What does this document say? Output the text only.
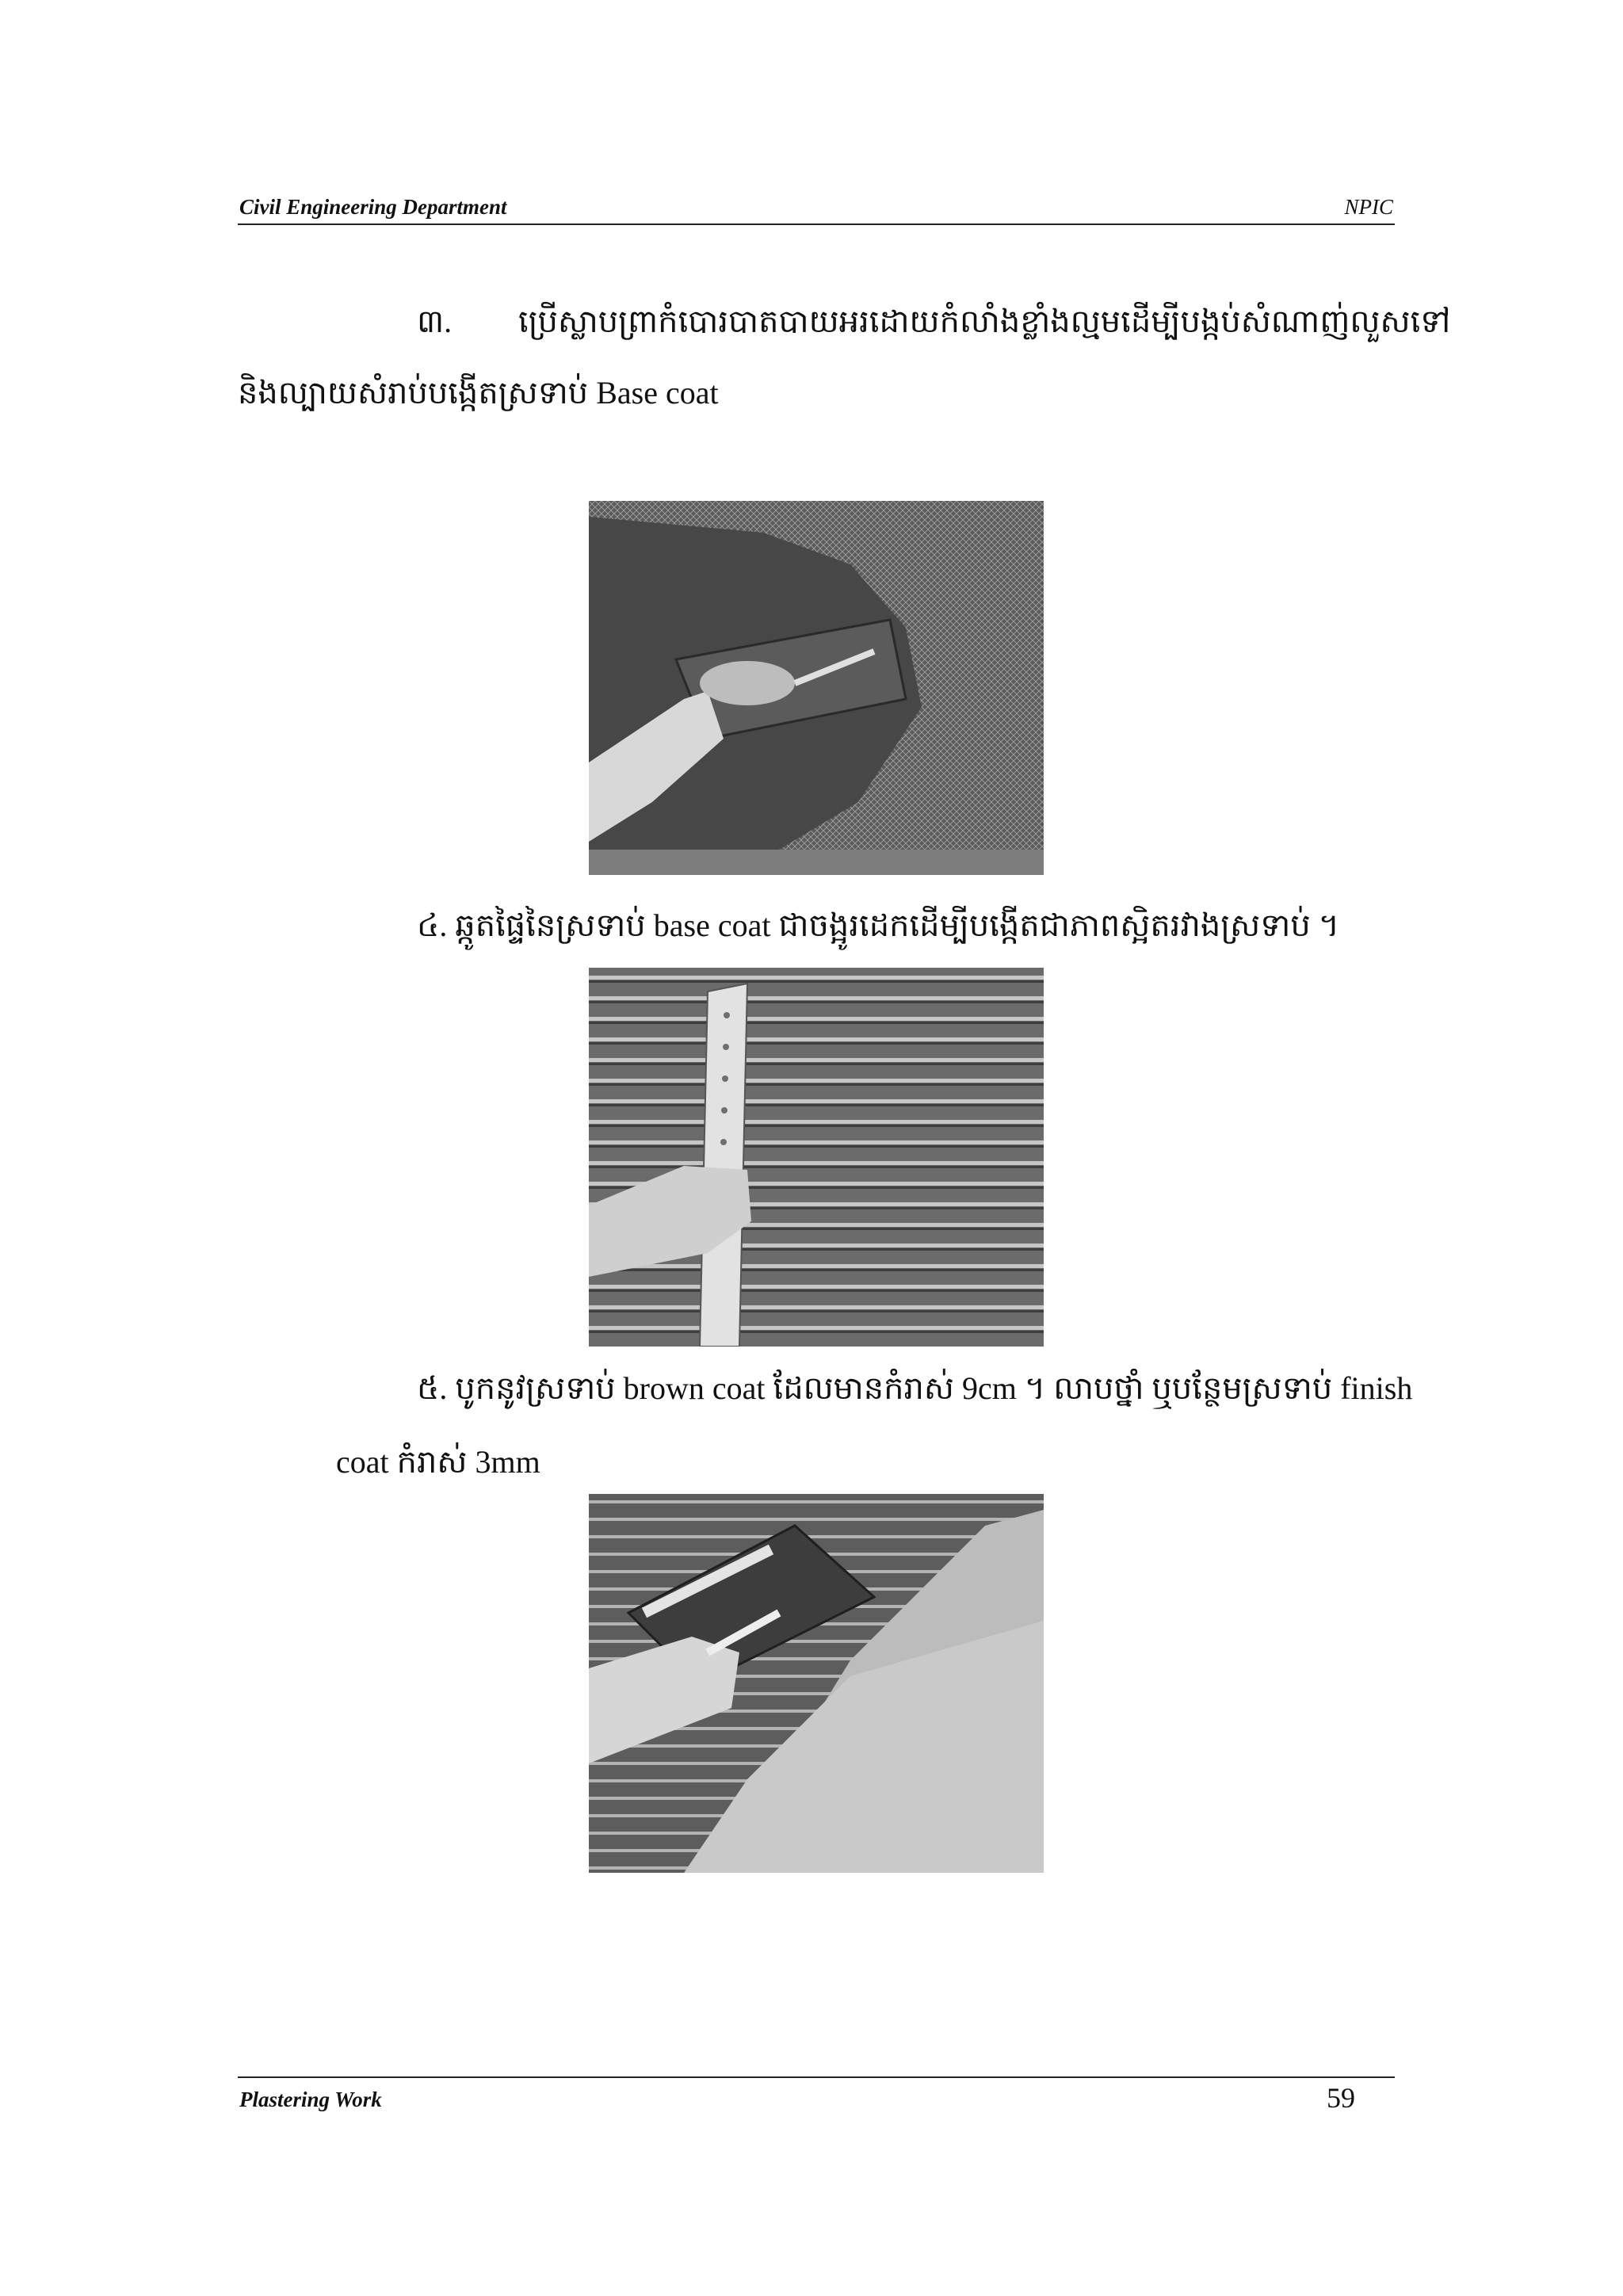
Civil Engineering Department	NPIC
៣. ប្រើស្លាបព្រាកំបោរបាតបាយអរដោយកំលាំងខ្លាំងល្មមដើម្បីបង្កប់សំណាញ់លួសទៅ
និងល្បាយសំរាប់បង្កើតស្រទាប់ Base coat
៤. ឆ្កូតផ្ទៃនៃស្រទាប់ base coat ជាចង្អូរដេកដើម្បីបង្កើតជាភាពស្អិតរវាងស្រទាប់ ។
៥. បូកនូវស្រទាប់ brown coat ដែលមានកំរាស់ 9cm ។ លាបថ្នាំ ឬបន្ថែមស្រទាប់ finish
coat កំរាស់ 3mm
Plastering Work	59
